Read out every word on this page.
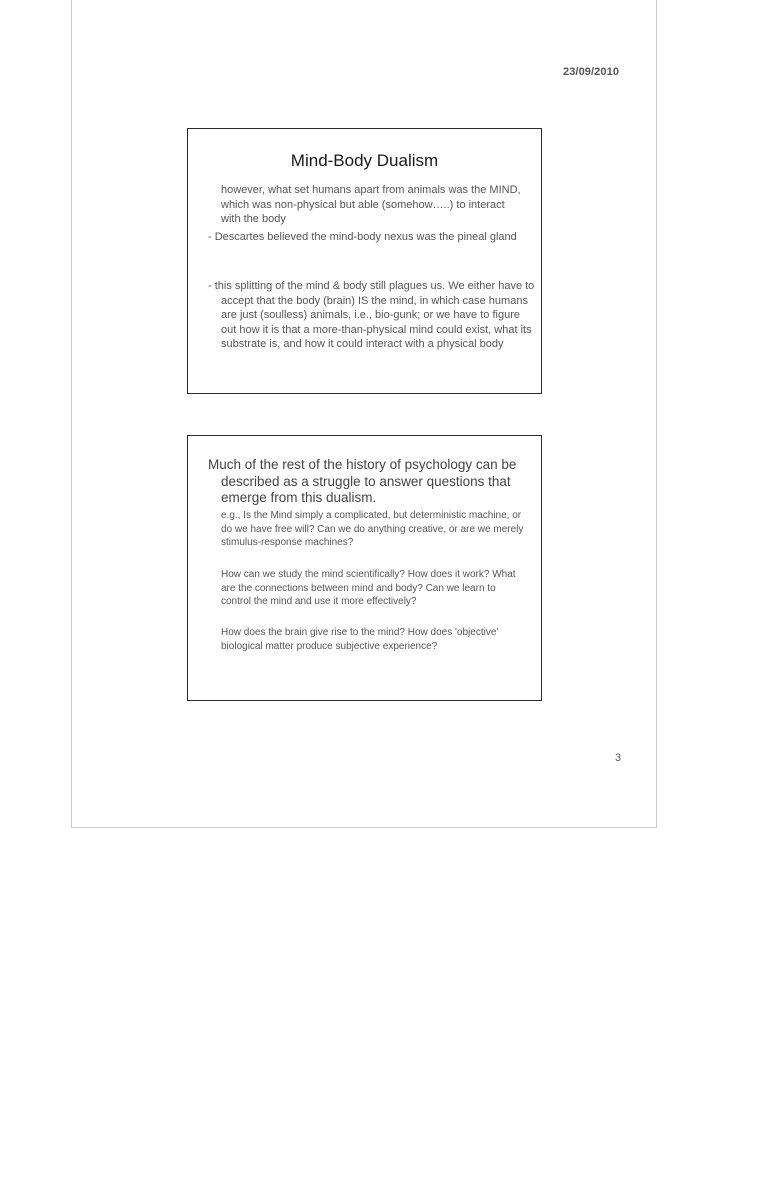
23/09/2010
Mind-Body Dualism
however, what set humans apart from animals was the MIND, which was non-physical but able (somehow…..) to interact with the body
- Descartes believed the mind-body nexus was the pineal gland
- this splitting of the mind & body still plagues us. We either have to accept that the body (brain) IS the mind, in which case humans are just (soulless) animals, i.e., bio-gunk; or we have to figure out how it is that a more-than-physical mind could exist, what its substrate is, and how it could interact with a physical body
Much of the rest of the history of psychology can be described as a struggle to answer questions that emerge from this dualism.
e.g., Is the Mind simply a complicated, but deterministic machine, or do we have free will? Can we do anything creative, or are we merely stimulus-response machines?
How can we study the mind scientifically? How does it work? What are the connections between mind and body? Can we learn to control the mind and use it more effectively?
How does the brain give rise to the mind? How does 'objective' biological matter produce subjective experience?
3
